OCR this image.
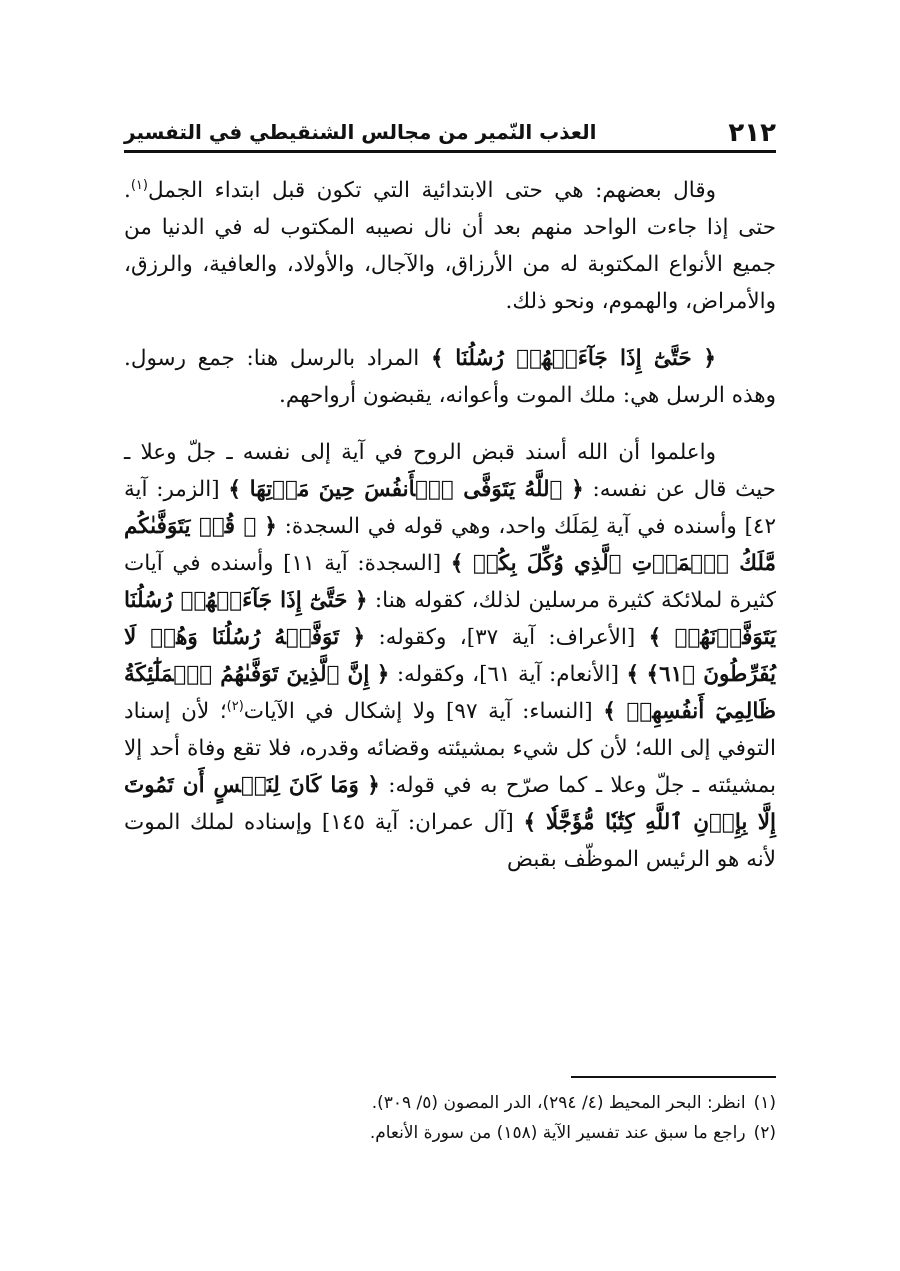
٢١٢
العذب النّمير من مجالس الشنقيطي في التفسير

وقال بعضهم: هي حتى الابتدائية التي تكون قبل ابتداء الجمل$^{(١)}$. حتى إذا جاءت الواحد منهم بعد أن نال نصيبه المكتوب له في الدنيا من جميع الأنواع المكتوبة له من الأرزاق، والآجال، والأولاد، والعافية، والرزق، والأمراض، والهموم، ونحو ذلك.

﴿ حَتَّىٰٓ إِذَا جَآءَتۡهُمۡ رُسُلُنَا ﴾ المراد بالرسل هنا: جمع رسول. وهذه الرسل هي: ملك الموت وأعوانه، يقبضون أرواحهم.

واعلموا أن الله أسند قبض الروح في آية إلى نفسه ـ جلّ وعلا ـ حيث قال عن نفسه: ﴿ ٱللَّهُ يَتَوَفَّى ٱلۡأَنفُسَ حِينَ مَوۡتِهَا ﴾ [الزمر: آية ٤٢] وأسنده في آية لِمَلَك واحد، وهي قوله في السجدة: ﴿ ۞ قُلۡ يَتَوَفَّىٰكُم مَّلَكُ ٱلۡمَوۡتِ ٱلَّذِي وُكِّلَ بِكُمۡ ﴾ [السجدة: آية ١١] وأسنده في آيات كثيرة لملائكة كثيرة مرسلين لذلك، كقوله هنا: ﴿ حَتَّىٰٓ إِذَا جَآءَتۡهُمۡ رُسُلُنَا يَتَوَفَّوۡنَهُمۡ ﴾ [الأعراف: آية ٣٧]، وكقوله: ﴿ تَوَفَّتۡهُ رُسُلُنَا وَهُمۡ لَا يُفَرِّطُونَ ﴿٦١﴾ ﴾ [الأنعام: آية ٦١]، وكقوله: ﴿ إِنَّ ٱلَّذِينَ تَوَفَّىٰهُمُ ٱلۡمَلَٰٓئِكَةُ ظَالِمِيٓ أَنفُسِهِمۡ ﴾ [النساء: آية ٩٧] ولا إشكال في الآيات$^{(٢)}$؛ لأن إسناد التوفي إلى الله؛ لأن كل شيء بمشيئته وقضائه وقدره، فلا تقع وفاة أحد إلا بمشيئته ـ جلّ وعلا ـ كما صرّح به في قوله: ﴿ وَمَا كَانَ لِنَفۡسٍ أَن تَمُوتَ إِلَّا بِإِذۡنِ ٱللَّهِ كِتَٰبٗا مُّؤَجَّلٗا ﴾ [آل عمران: آية ١٤٥] وإسناده لملك الموت لأنه هو الرئيس الموظّف بقبض

(١)انظر: البحر المحيط (٤/ ٢٩٤)، الدر المصون (٥/ ٣٠٩).
(٢)راجع ما سبق عند تفسير الآية (١٥٨) من سورة الأنعام.
